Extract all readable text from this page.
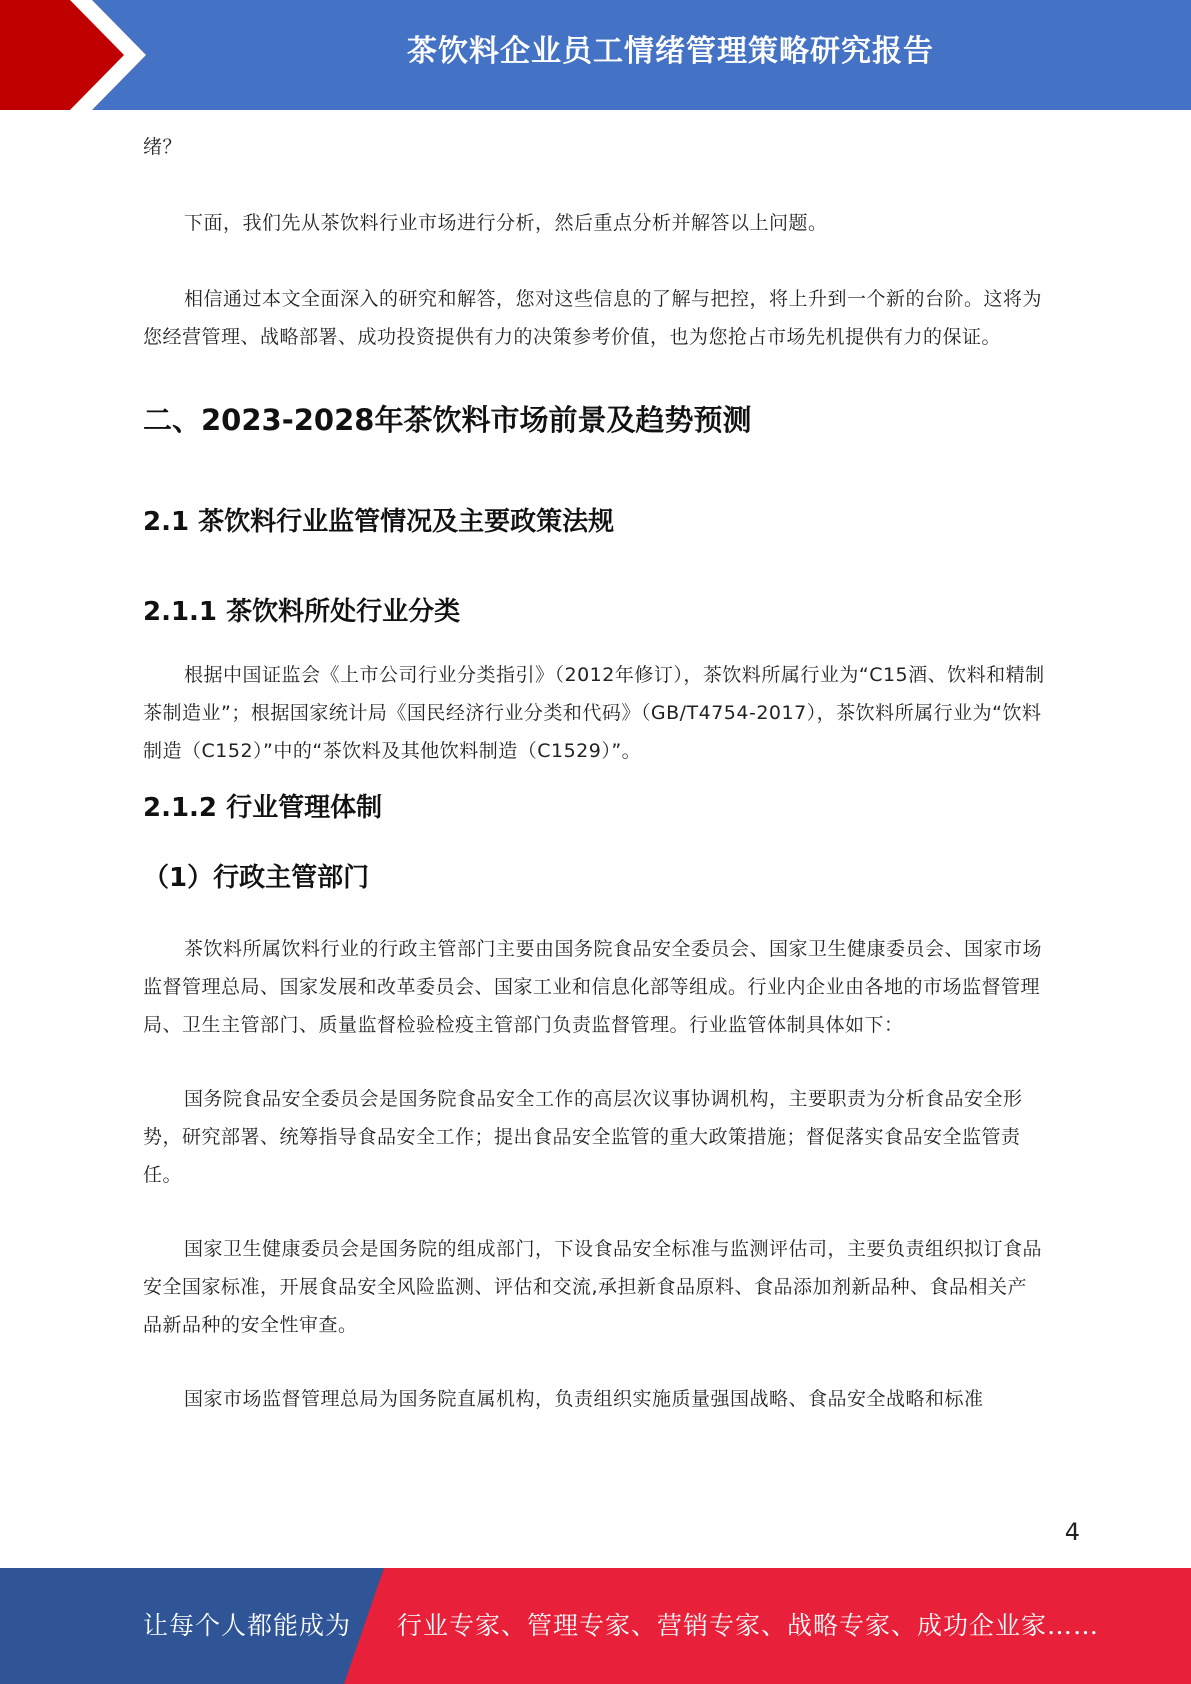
茶饮料企业员工情绪管理策略研究报告

绪？

下面，我们先从茶饮料行业市场进行分析，然后重点分析并解答以上问题。

相信通过本文全面深入的研究和解答，您对这些信息的了解与把控，将上升到一个新的台阶。这将为您经营管理、战略部署、成功投资提供有力的决策参考价值，也为您抢占市场先机提供有力的保证。

二、2023-2028年茶饮料市场前景及趋势预测
2.1 茶饮料行业监管情况及主要政策法规
2.1.1 茶饮料所处行业分类

根据中国证监会《上市公司行业分类指引》（2012年修订），茶饮料所属行业为“C15酒、饮料和精制茶制造业”；根据国家统计局《国民经济行业分类和代码》（GB/T4754-2017），茶饮料所属行业为“饮料制造（C152）”中的“茶饮料及其他饮料制造（C1529）”。

2.1.2 行业管理体制
（1）行政主管部门

茶饮料所属饮料行业的行政主管部门主要由国务院食品安全委员会、国家卫生健康委员会、国家市场监督管理总局、国家发展和改革委员会、国家工业和信息化部等组成。行业内企业由各地的市场监督管理局、卫生主管部门、质量监督检验检疫主管部门负责监督管理。行业监管体制具体如下：

国务院食品安全委员会是国务院食品安全工作的高层次议事协调机构，主要职责为分析食品安全形势，研究部署、统筹指导食品安全工作；提出食品安全监管的重大政策措施；督促落实食品安全监管责任。

国家卫生健康委员会是国务院的组成部门，下设食品安全标准与监测评估司，主要负责组织拟订食品安全国家标准，开展食品安全风险监测、评估和交流,承担新食品原料、食品添加剂新品种、食品相关产品新品种的安全性审查。

国家市场监督管理总局为国务院直属机构，负责组织实施质量强国战略、食品安全战略和标准

4
让每个人都能成为 行业专家、管理专家、营销专家、战略专家、成功企业家……
